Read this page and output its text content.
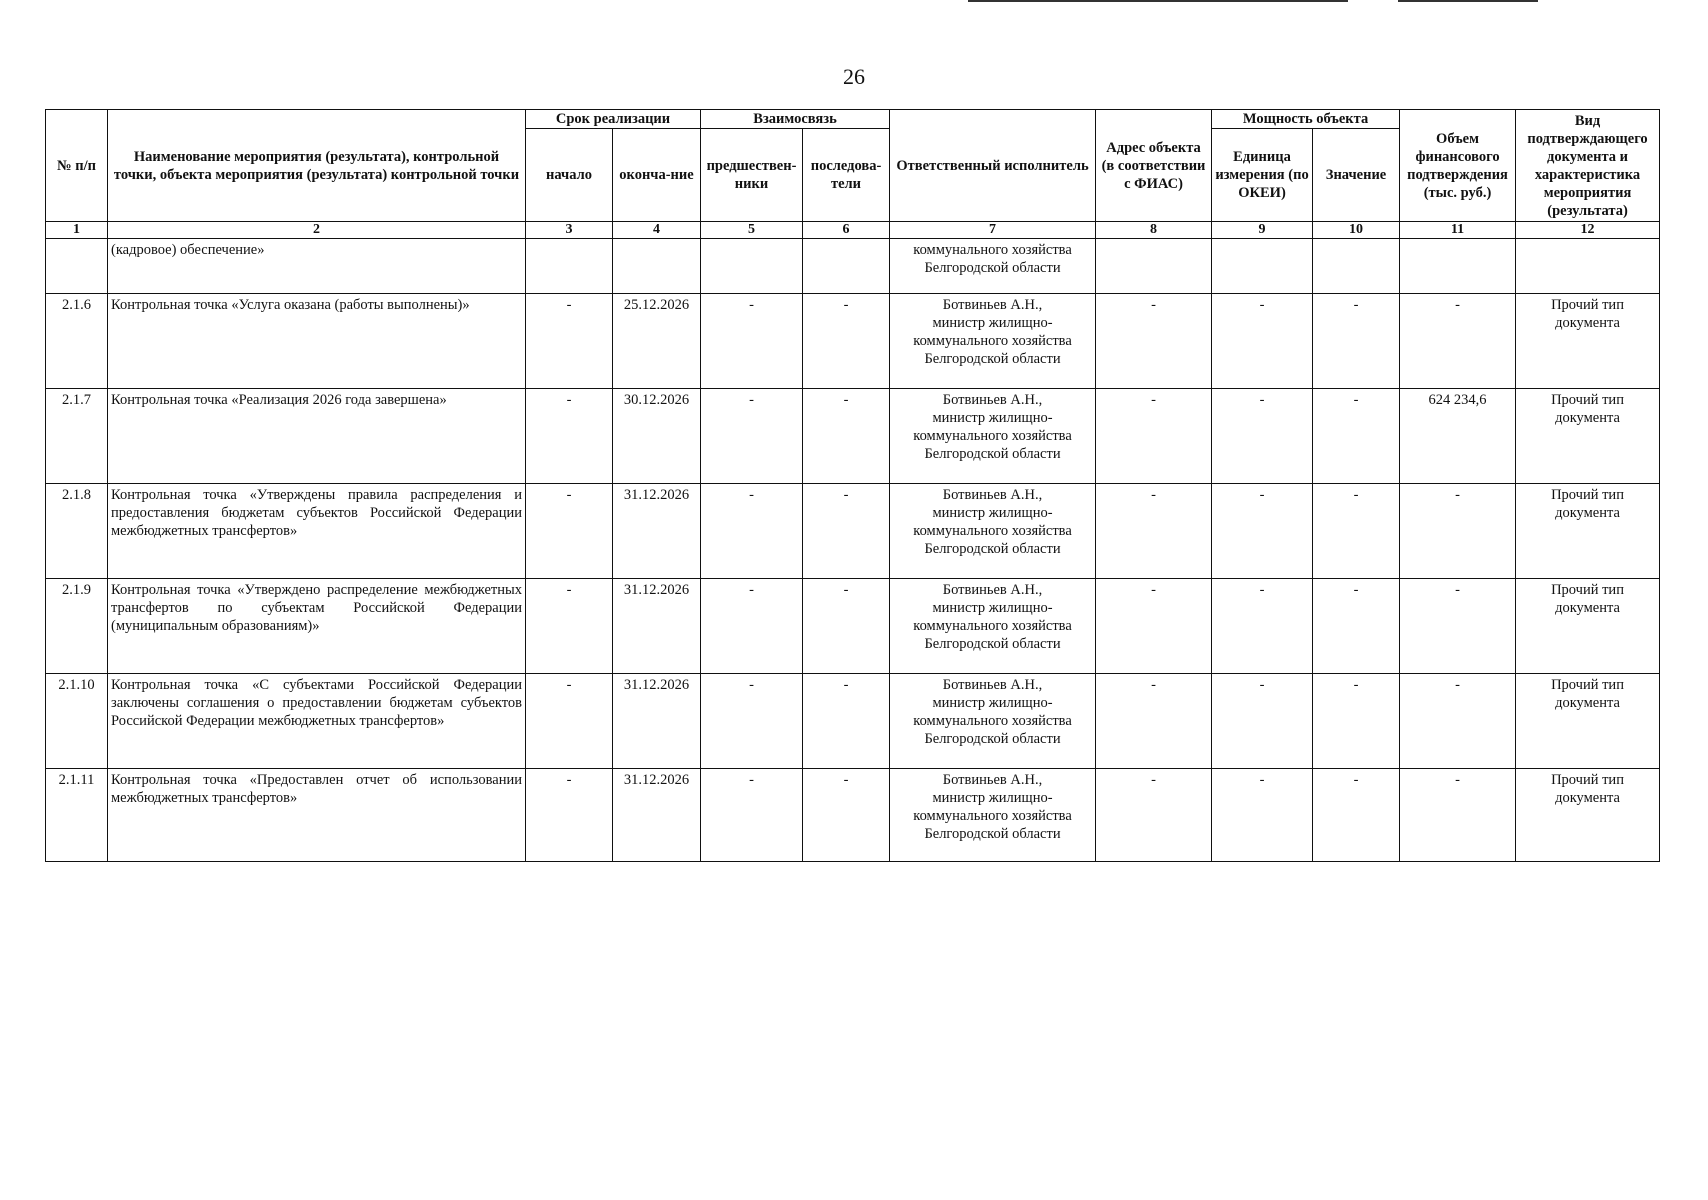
26
№ п/п	Наименование мероприятия (результата), контрольной точки, объекта мероприятия (результата) контрольной точки	Срок реализации		Взаимосвязь		Ответственный исполнитель	Адрес объекта (в соответствии с ФИАС)	Мощность объекта		Объем финансового подтверждения (тыс. руб.)	Вид подтверждающего документа и характеристика мероприятия (результата)
		начало	оконча-ние	предшествен-ники	последова-тели			Единица измерения (по ОКЕИ)	Значение		
1	2	3	4	5	6	7	8	9	10	11	12
	(кадровое) обеспечение»					коммунального хозяйства
Белгородской области					

2.1.6	Контрольная точка «Услуга оказана (работы выполнены)»	-	25.12.2026	-	-	Ботвиньев А.Н.,
министр жилищно-
коммунального хозяйства
Белгородской области	-	-	-	-	Прочий тип документа
2.1.7	Контрольная точка «Реализация 2026 года завершена»	-	30.12.2026	-	-	Ботвиньев А.Н.,
министр жилищно-
коммунального хозяйства
Белгородской области	-	-	-	624 234,6	Прочий тип документа
2.1.8	Контрольная точка «Утверждены правила распределения и предоставления бюджетам субъектов Российской Федерации межбюджетных трансфертов»	-	31.12.2026	-	-	Ботвиньев А.Н.,
министр жилищно-
коммунального хозяйства
Белгородской области	-	-	-	-	Прочий тип документа
2.1.9	Контрольная точка «Утверждено распределение межбюджетных трансфертов по субъектам Российской Федерации (муниципальным образованиям)»	-	31.12.2026	-	-	Ботвиньев А.Н.,
министр жилищно-
коммунального хозяйства
Белгородской области	-	-	-	-	Прочий тип документа
2.1.10	Контрольная точка «С субъектами Российской Федерации заключены соглашения о предоставлении бюджетам субъектов Российской Федерации межбюджетных трансфертов»	-	31.12.2026	-	-	Ботвиньев А.Н.,
министр жилищно-
коммунального хозяйства
Белгородской области	-	-	-	-	Прочий тип документа
2.1.11	Контрольная точка «Предоставлен отчет об использовании межбюджетных трансфертов»	-	31.12.2026	-	-	Ботвиньев А.Н.,
министр жилищно-
коммунального хозяйства
Белгородской области	-	-	-	-	Прочий тип документа
